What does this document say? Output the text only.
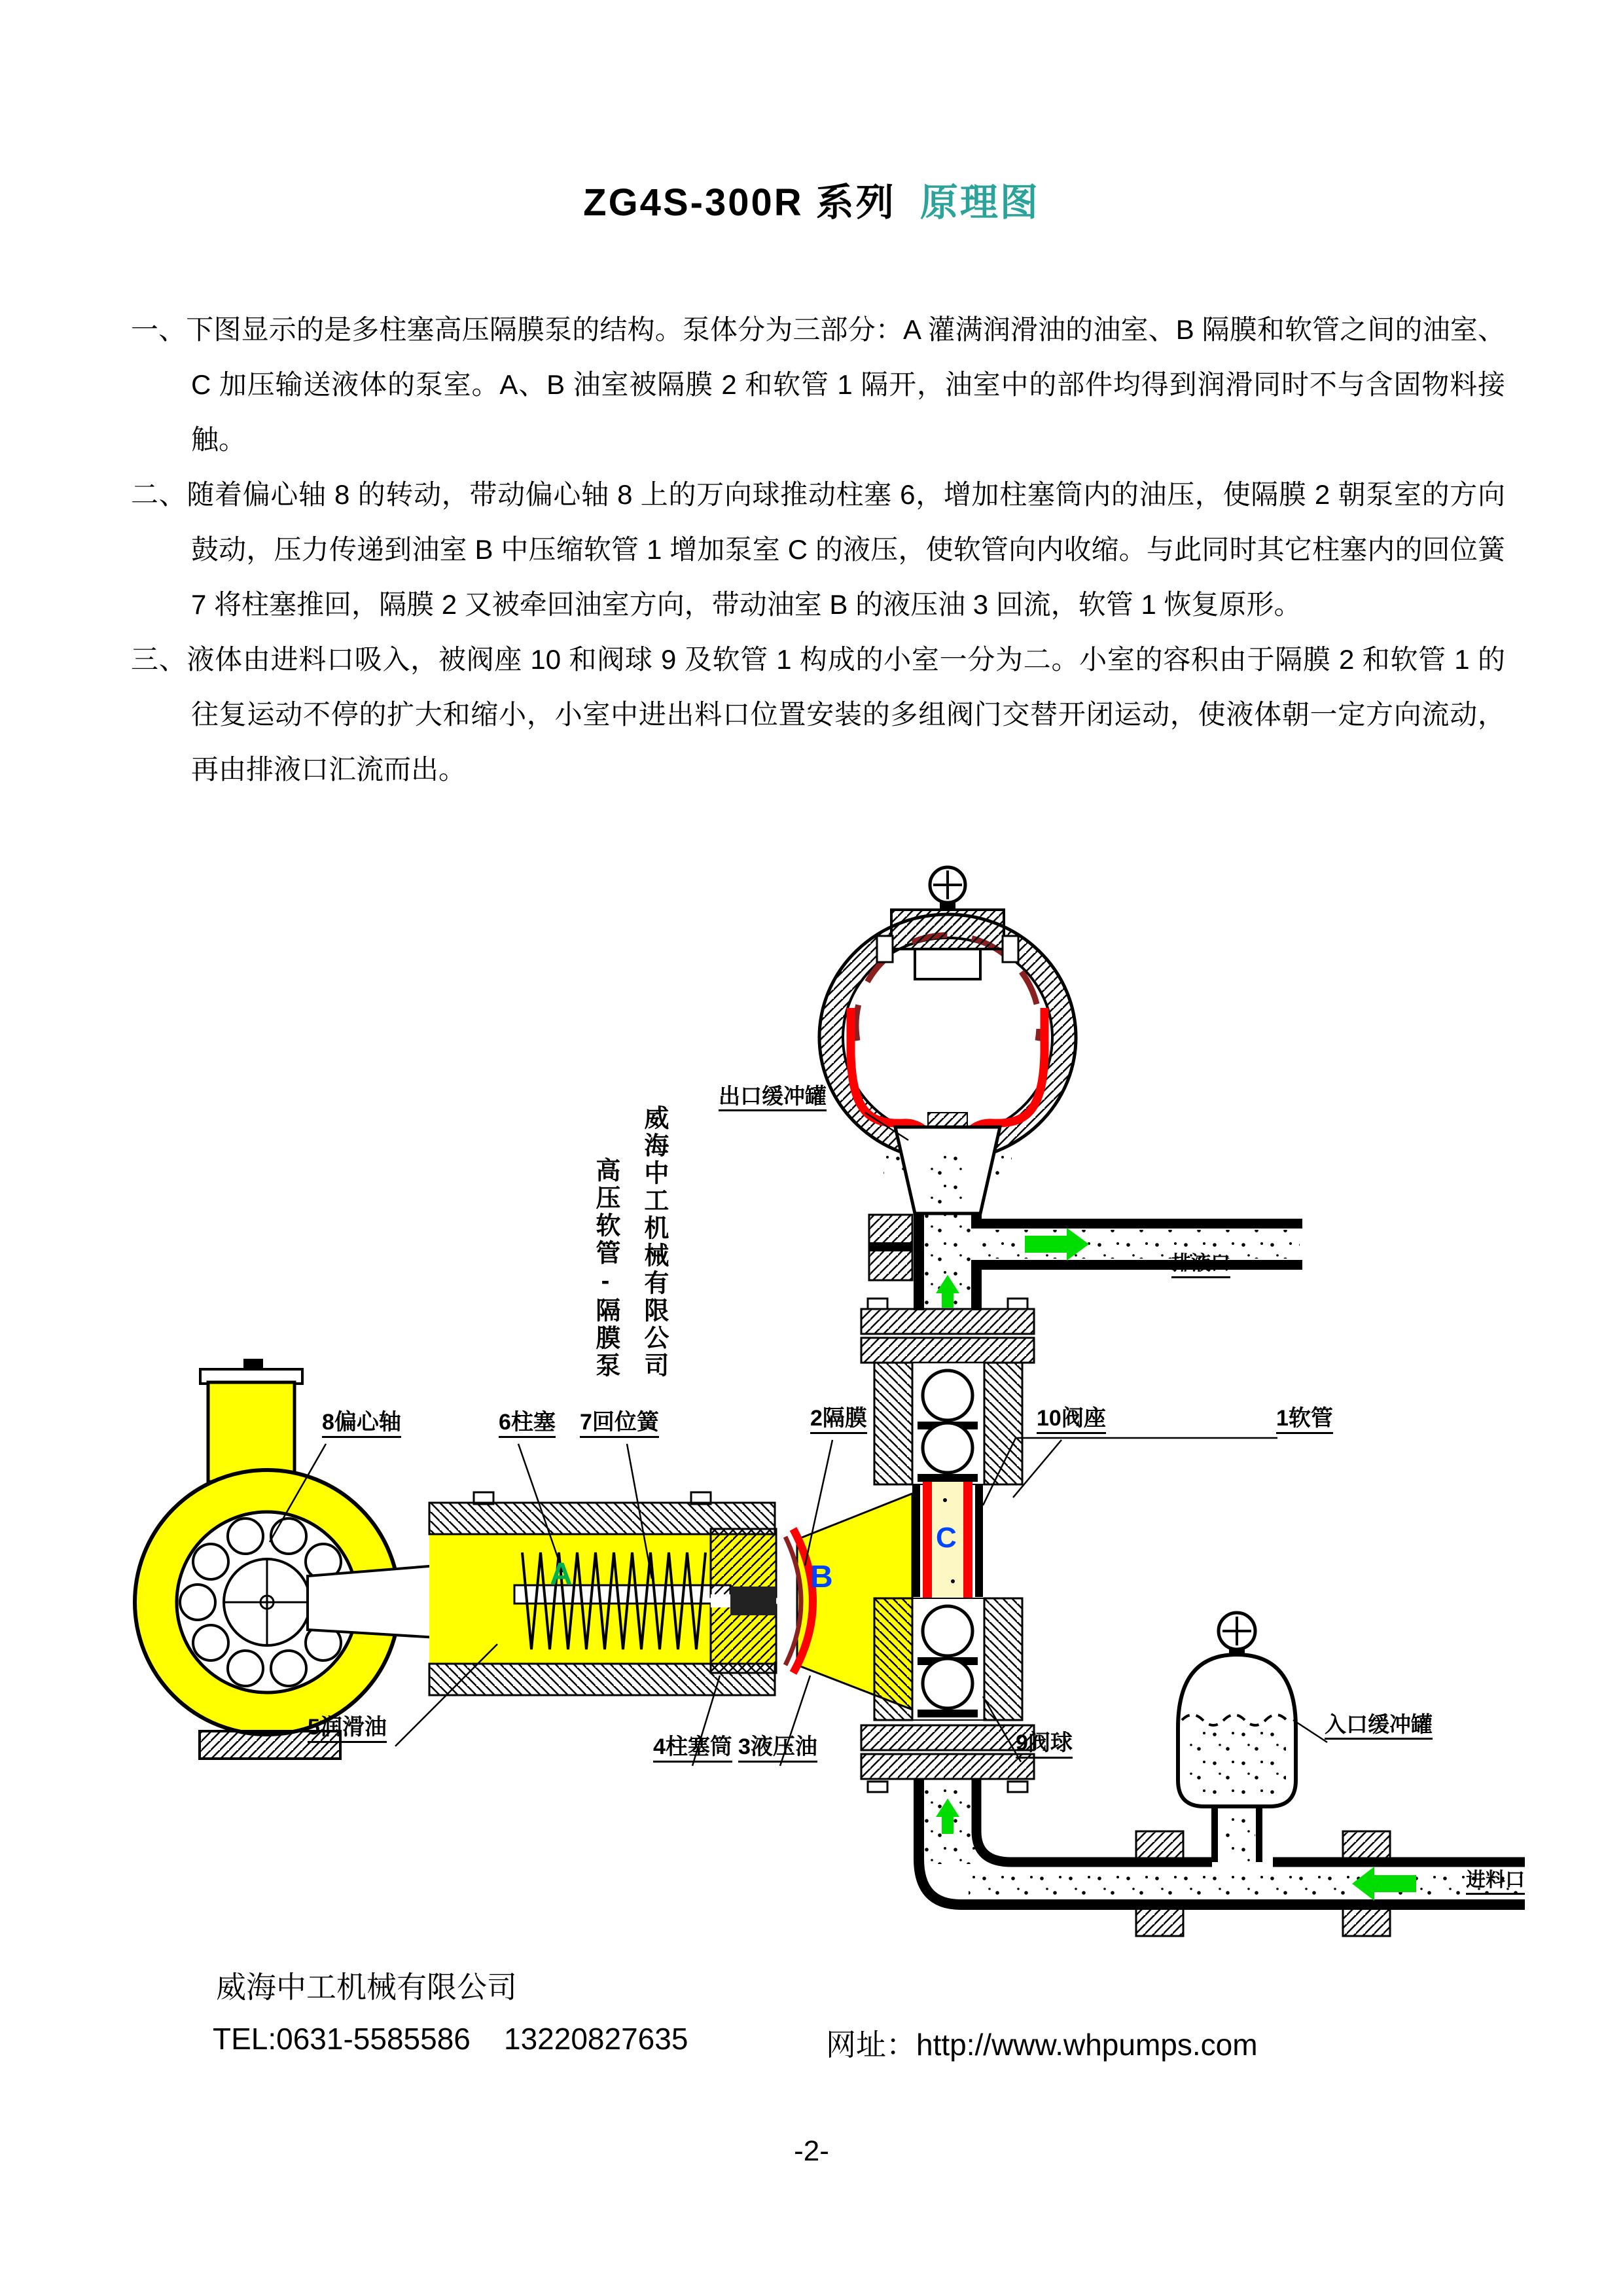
ZG4S-300R 系列 原理图

一、下图显示的是多柱塞高压隔膜泵的结构。泵体分为三部分：A 灌满润滑油的油室、B 隔膜和软管之间的油室、C 加压输送液体的泵室。A、B 油室被隔膜 2 和软管 1 隔开，油室中的部件均得到润滑同时不与含固物料接触。

二、随着偏心轴 8 的转动，带动偏心轴 8 上的万向球推动柱塞 6，增加柱塞筒内的油压，使隔膜 2 朝泵室的方向鼓动，压力传递到油室 B 中压缩软管 1 增加泵室 C 的液压，使软管向内收缩。与此同时其它柱塞内的回位簧 7 将柱塞推回，隔膜 2 又被牵回油室方向，带动油室 B 的液压油 3 回流，软管 1 恢复原形。

三、液体由进料口吸入，被阀座 10 和阀球 9 及软管 1 构成的小室一分为二。小室的容积由于隔膜 2 和软管 1 的往复运动不停的扩大和缩小，小室中进出料口位置安装的多组阀门交替开闭运动，使液体朝一定方向流动，再由排液口汇流而出。

威海中工机械有限公司
高压软管-隔膜泵
出口缓冲罐
排液口
8偏心轴	6柱塞 7回位簧	2隔膜	10阀座	1软管
5润滑油
4柱塞筒 3液压油	9阀球
入口缓冲罐
进料口
A	B
C
威海中工机械有限公司
TEL:0631-5585586    13220827635	网址：http://www.whpumps.com
-2-
